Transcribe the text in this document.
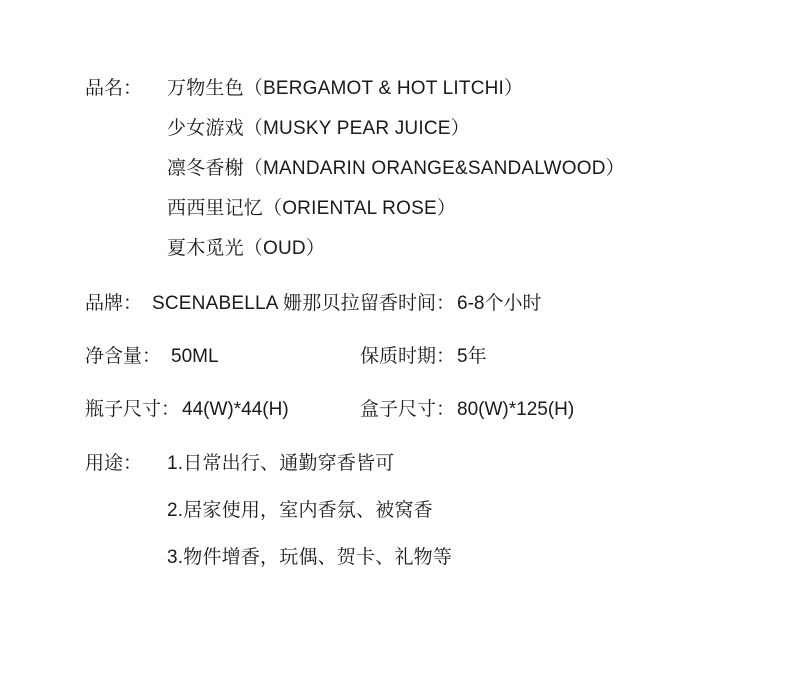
品名：	万物生色（BERGAMOT & HOT LITCHI）
少女游戏（MUSKY PEAR JUICE）
凛冬香榭（MANDARIN ORANGE&SANDALWOOD）
西西里记忆（ORIENTAL ROSE）
夏木觅光（OUD）
品牌： SCENABELLA 姗那贝拉 留香时间： 6-8个小时
净含量： 50ML	保质时期： 5年
瓶子尺寸： 44(W)*44(H)	盒子尺寸： 80(W)*125(H)
用途：	1.日常出行、通勤穿香皆可
2.居家使用，室内香氛、被窝香
3.物件增香，玩偶、贺卡、礼物等
